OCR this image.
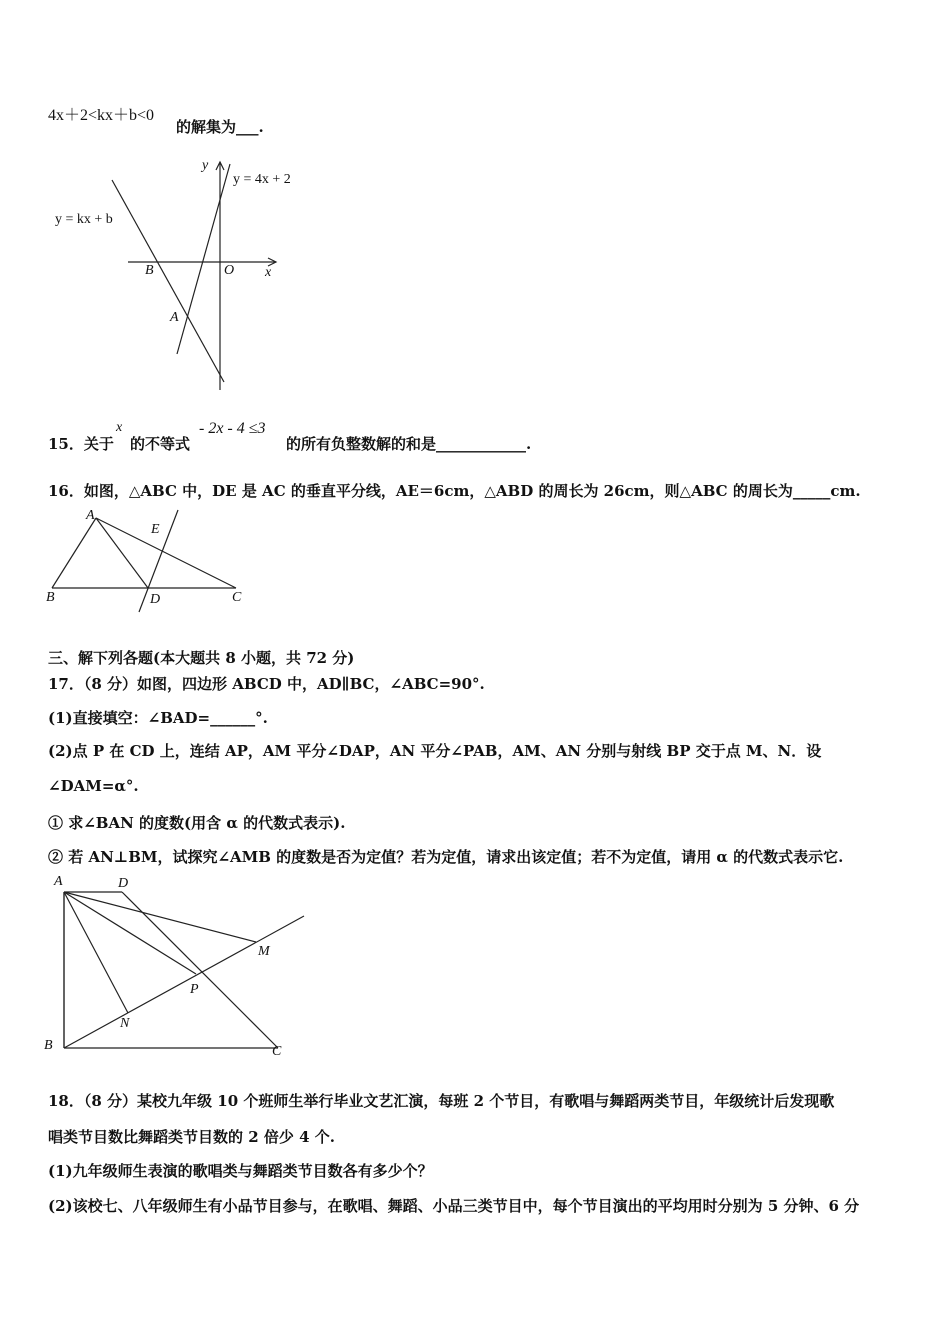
4x＋2<kx＋b<0
的解集为___.
y
y = 4x + 2
y = kx + b
B	O x
A
15．关于
x
的不等式
- 2x - 4 ≤3
的所有负整数解的和是____________.
16．如图，△ABC 中，DE 是 AC 的垂直平分线，AE＝6cm，△ABD 的周长为 26cm，则△ABC 的周长为_____cm.
A
E
B	D	C
三、解下列各题(本大题共 8 小题，共 72 分)
17．（8 分）如图，四边形 ABCD 中，AD∥BC，∠ABC=90°.
(1)直接填空：∠BAD=______°.
(2)点 P 在 CD 上，连结 AP，AM 平分∠DAP，AN 平分∠PAB，AM、AN 分别与射线 BP 交于点 M、N．设
∠DAM=α°.
① 求∠BAN 的度数(用含 α 的代数式表示).
② 若 AN⊥BM，试探究∠AMB 的度数是否为定值？若为定值，请求出该定值；若不为定值，请用 α 的代数式表示它.
A	D
M
P
N
B	C
18．（8 分）某校九年级 10 个班师生举行毕业文艺汇演，每班 2 个节目，有歌唱与舞蹈两类节目，年级统计后发现歌
唱类节目数比舞蹈类节目数的 2 倍少 4 个.
(1)九年级师生表演的歌唱类与舞蹈类节目数各有多少个？
(2)该校七、八年级师生有小品节目参与，在歌唱、舞蹈、小品三类节目中，每个节目演出的平均用时分别为 5 分钟、6 分
